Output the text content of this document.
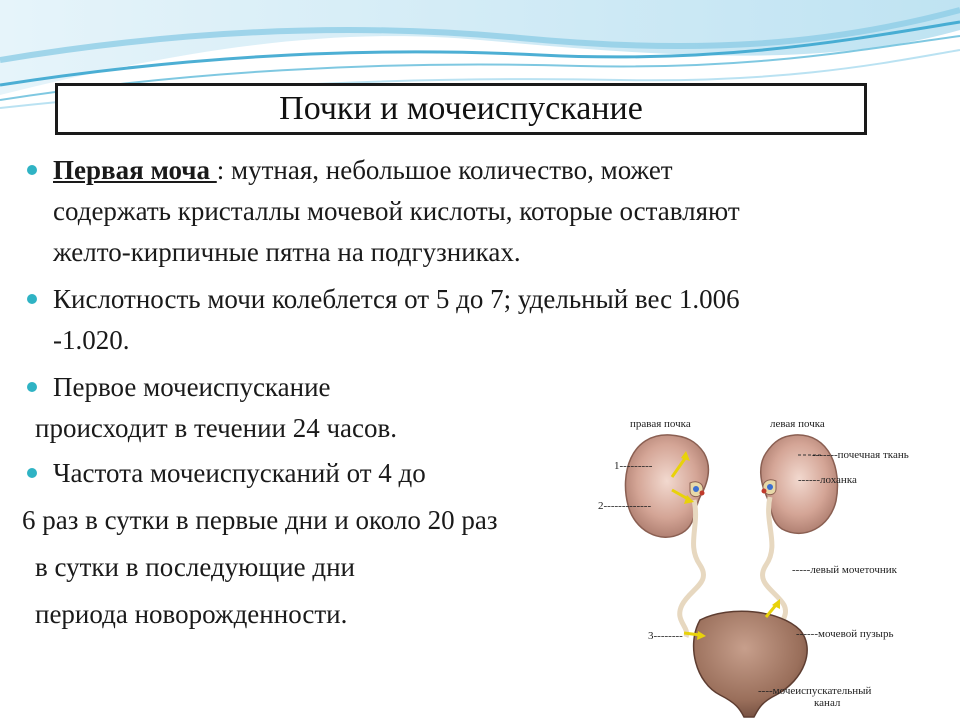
Почки и мочеиспускание

Первая моча : мутная, небольшое количество, может содержать кристаллы мочевой кислоты, которые оставляют желто-кирпичные пятна на подгузниках.

Кислотность мочи колеблется от 5 до 7; удельный вес 1.006 -1.020.

Первое мочеиспускание

происходит в течении 24 часов.

Частота мочеиспусканий от 4 до

6 раз в сутки в первые дни и около 20 раз

в сутки в последующие дни

периода новорожденности.

правая почка	левая почка
-------почечная ткань
------лоханка
-----левый мочеточник
------мочевой пузырь
----мочеиспускательный
канал
1---------
2-------------
3--------
